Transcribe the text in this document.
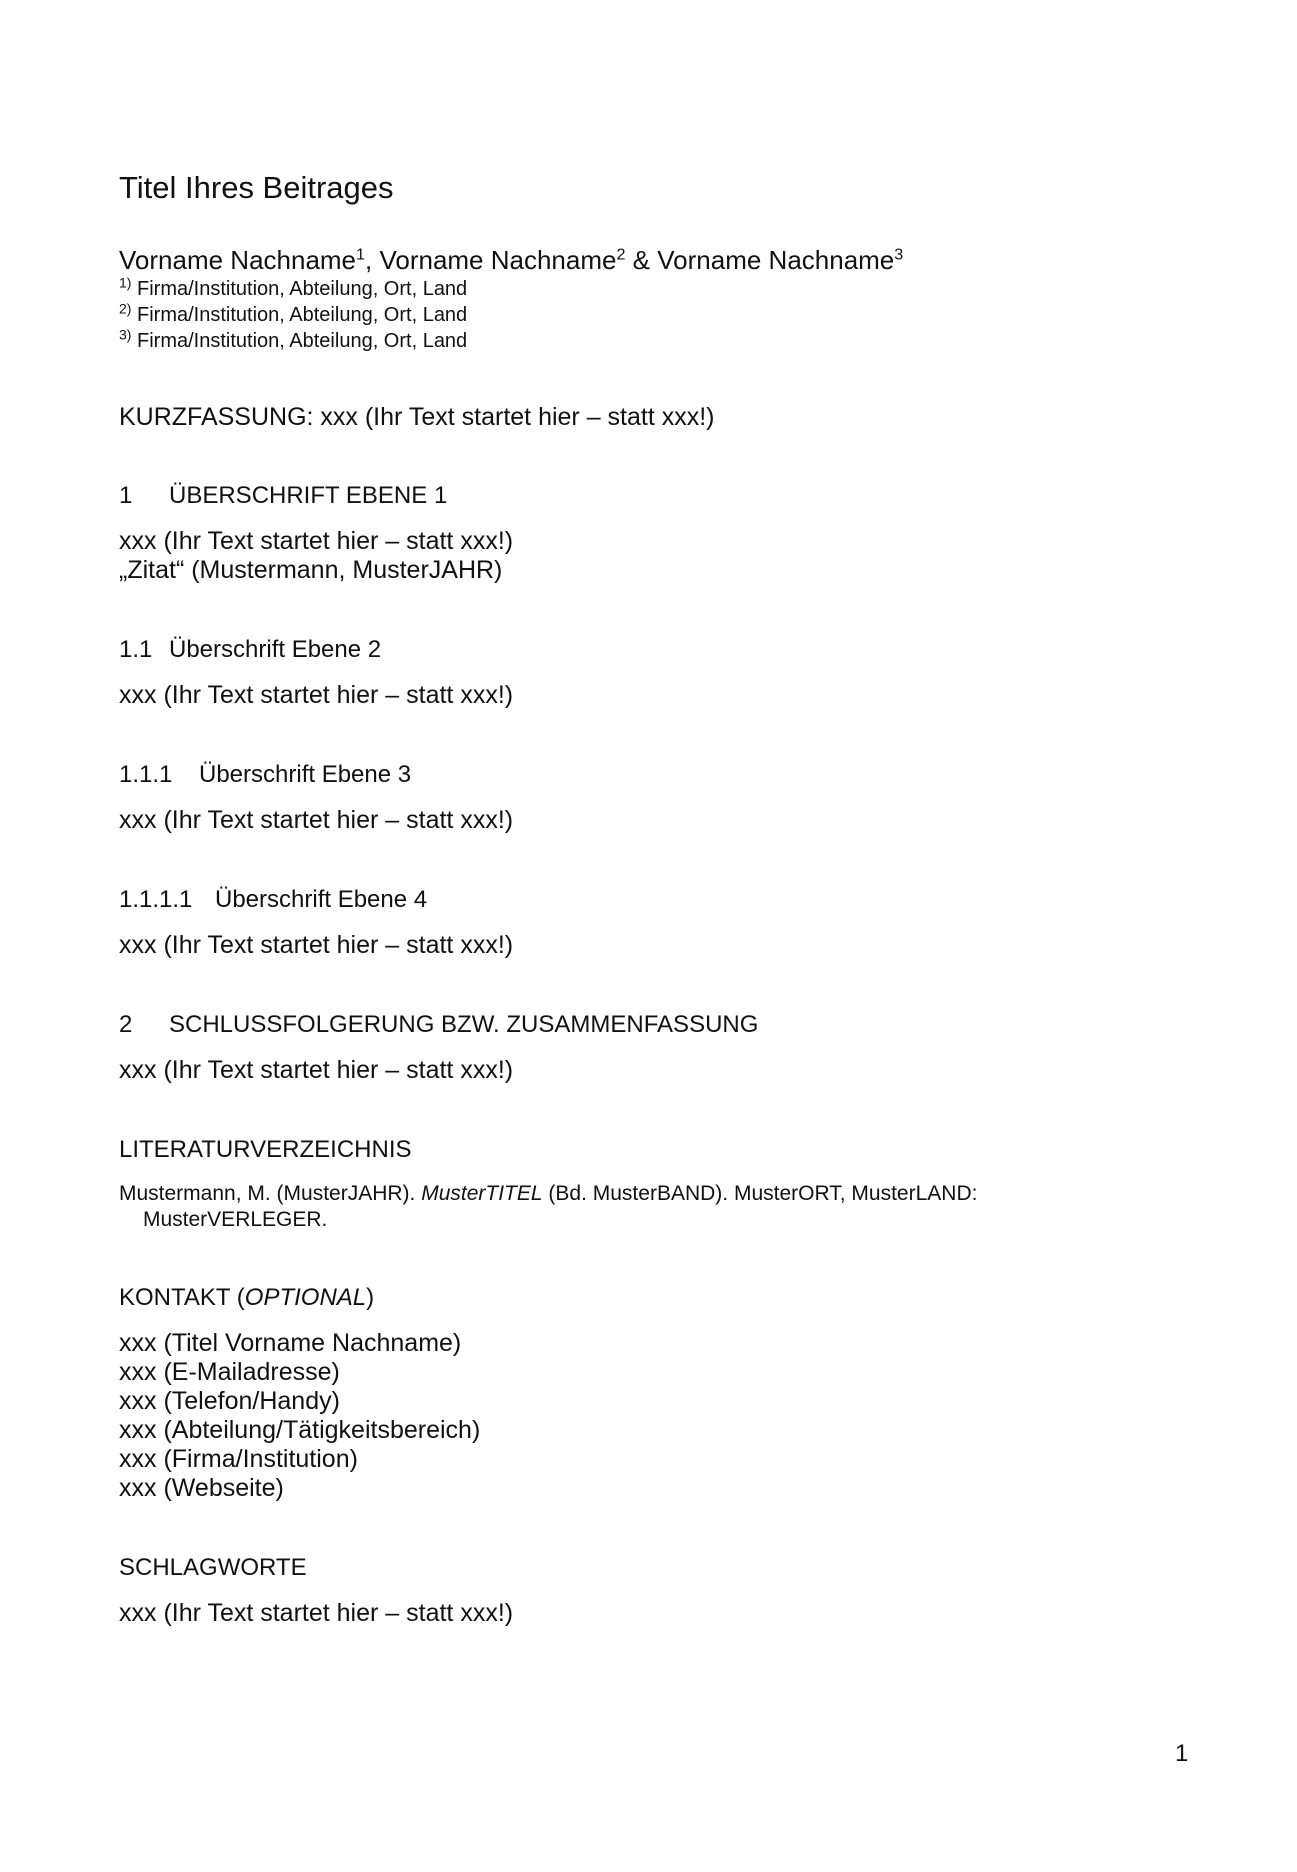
Titel Ihres Beitrages
Vorname Nachname$^1$, Vorname Nachname$^2$ & Vorname Nachname$^3$
$^{1)}$ Firma/Institution, Abteilung, Ort, Land
$^{2)}$ Firma/Institution, Abteilung, Ort, Land
$^{3)}$ Firma/Institution, Abteilung, Ort, Land

KURZFASSUNG: xxx (Ihr Text startet hier – statt xxx!)

1 ÜBERSCHRIFT EBENE 1
xxx (Ihr Text startet hier – statt xxx!)
„Zitat“ (Mustermann, MusterJAHR)
1.1 Überschrift Ebene 2

xxx (Ihr Text startet hier – statt xxx!)

1.1.1 Überschrift Ebene 3

xxx (Ihr Text startet hier – statt xxx!)

1.1.1.1 Überschrift Ebene 4

xxx (Ihr Text startet hier – statt xxx!)

2 SCHLUSSFOLGERUNG BZW. ZUSAMMENFASSUNG

xxx (Ihr Text startet hier – statt xxx!)

LITERATURVERZEICHNIS
Mustermann, M. (MusterJAHR). MusterTITEL (Bd. MusterBAND). MusterORT, MusterLAND:
MusterVERLEGER.
KONTAKT (OPTIONAL)
xxx (Titel Vorname Nachname)
xxx (E-Mailadresse)
xxx (Telefon/Handy)
xxx (Abteilung/Tätigkeitsbereich)
xxx (Firma/Institution)
xxx (Webseite)
SCHLAGWORTE

xxx (Ihr Text startet hier – statt xxx!)

1
